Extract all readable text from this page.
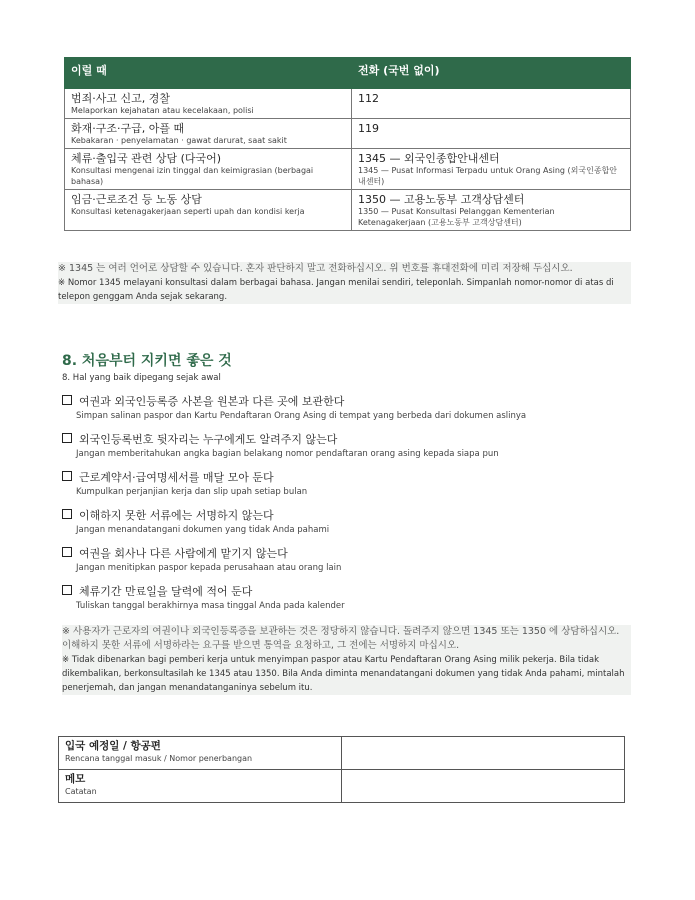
이럴 때	전화 (국번 없이)
범죄·사고 신고, 경찰
Melaporkan kejahatan atau kecelakaan, polisi	112
화재·구조·구급, 아플 때
Kebakaran · penyelamatan · gawat darurat, saat sakit	119
체류·출입국 관련 상담 (다국어)
Konsultasi mengenai izin tinggal dan keimigrasian (berbagai bahasa)	1345 — 외국인종합안내센터
1345 — Pusat Informasi Terpadu untuk Orang Asing (외국인종합안내센터)

임금·근로조건 등 노동 상담
Konsultasi ketenagakerjaan seperti upah dan kondisi kerja	1350 — 고용노동부 고객상담센터
1350 — Pusat Konsultasi Pelanggan Kementerian Ketenagakerjaan (고용노동부 고객상담센터)
※ 1345 는 여러 언어로 상담할 수 있습니다. 혼자 판단하지 말고 전화하십시오. 위 번호를 휴대전화에 미리 저장해 두십시오.
※ Nomor 1345 melayani konsultasi dalam berbagai bahasa. Jangan menilai sendiri, teleponlah. Simpanlah nomor-nomor di atas di telepon genggam Anda sejak sekarang.
8. 처음부터 지키면 좋은 것
8. Hal yang baik dipegang sejak awal
여권과 외국인등록증 사본을 원본과 다른 곳에 보관한다
Simpan salinan paspor dan Kartu Pendaftaran Orang Asing di tempat yang berbeda dari dokumen aslinya
외국인등록번호 뒷자리는 누구에게도 알려주지 않는다
Jangan memberitahukan angka bagian belakang nomor pendaftaran orang asing kepada siapa pun
근로계약서·급여명세서를 매달 모아 둔다
Kumpulkan perjanjian kerja dan slip upah setiap bulan
이해하지 못한 서류에는 서명하지 않는다
Jangan menandatangani dokumen yang tidak Anda pahami
여권을 회사나 다른 사람에게 맡기지 않는다
Jangan menitipkan paspor kepada perusahaan atau orang lain
체류기간 만료일을 달력에 적어 둔다
Tuliskan tanggal berakhirnya masa tinggal Anda pada kalender
※ 사용자가 근로자의 여권이나 외국인등록증을 보관하는 것은 정당하지 않습니다. 돌려주지 않으면 1345 또는 1350 에 상담하십시오. 이해하지 못한 서류에 서명하라는 요구를 받으면 통역을 요청하고, 그 전에는 서명하지 마십시오.
※ Tidak dibenarkan bagi pemberi kerja untuk menyimpan paspor atau Kartu Pendaftaran Orang Asing milik pekerja. Bila tidak dikembalikan, berkonsultasilah ke 1345 atau 1350. Bila Anda diminta menandatangani dokumen yang tidak Anda pahami, mintalah penerjemah, dan jangan menandatanganinya sebelum itu.
입국 예정일 / 항공편
Rencana tanggal masuk / Nomor penerbangan	

메모
Catatan	
